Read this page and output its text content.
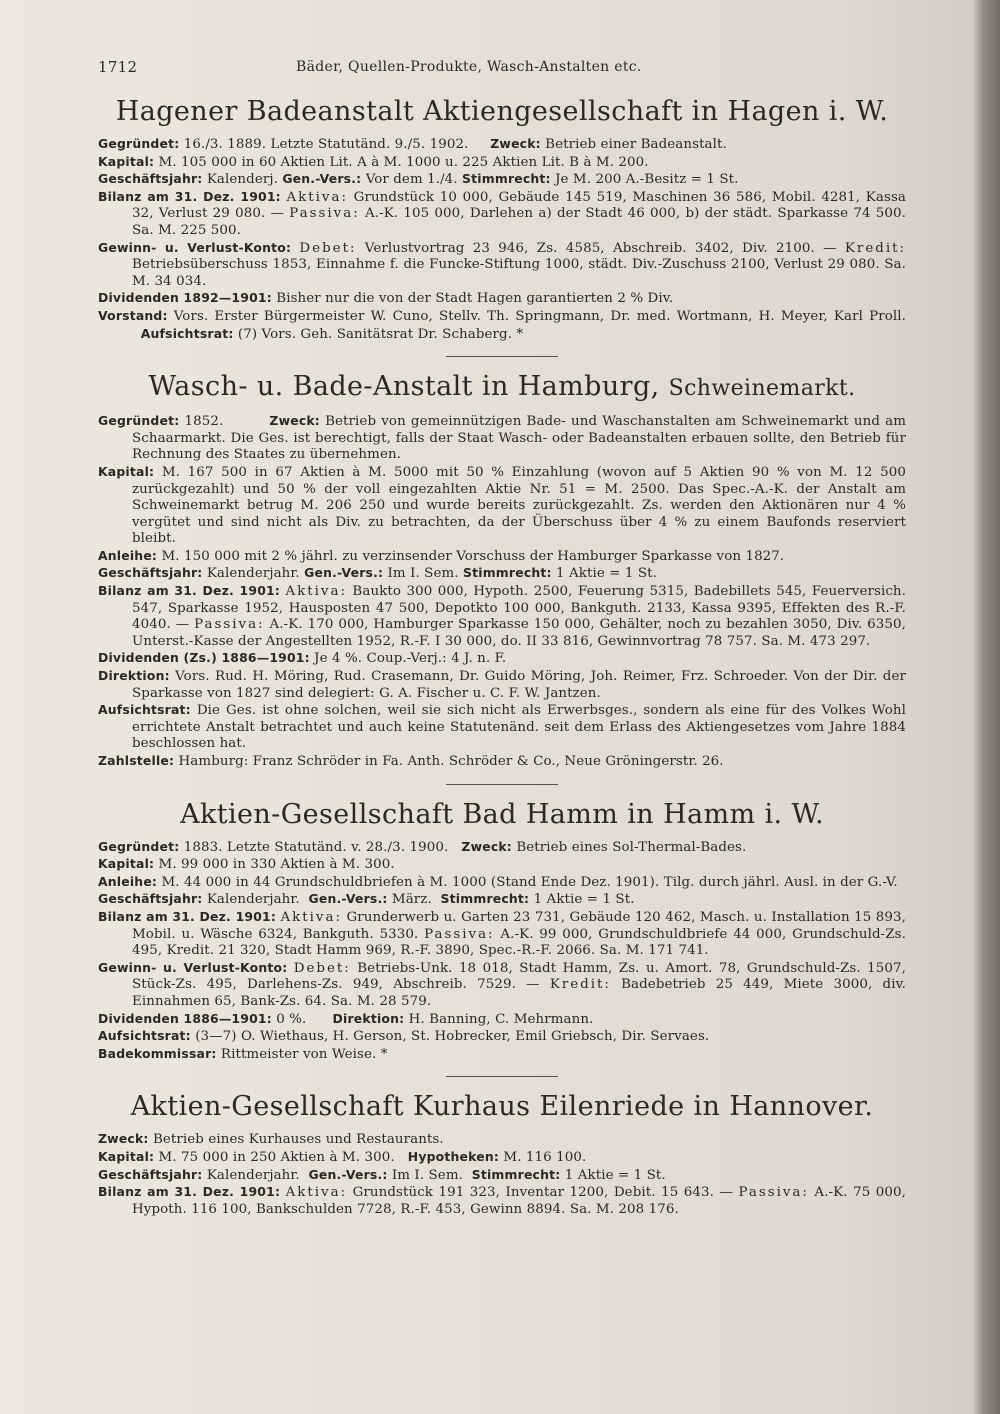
1712	Bäder, Quellen-Produkte, Wasch-Anstalten etc.
Hagener Badeanstalt Aktiengesellschaft in Hagen i. W.

Gegründet: 16./3. 1889. Letzte Statutänd. 9./5. 1902. Zweck: Betrieb einer Badeanstalt.

Kapital: M. 105 000 in 60 Aktien Lit. A à M. 1000 u. 225 Aktien Lit. B à M. 200.

Geschäftsjahr: Kalenderj. Gen.-Vers.: Vor dem 1./4. Stimmrecht: Je M. 200 A.-Besitz = 1 St.

Bilanz am 31. Dez. 1901: Aktiva: Grundstück 10 000, Gebäude 145 519, Maschinen 36 586, Mobil. 4281, Kassa 32, Verlust 29 080. — Passiva: A.-K. 105 000, Darlehen a) der Stadt 46 000, b) der städt. Sparkasse 74 500. Sa. M. 225 500.

Gewinn- u. Verlust-Konto: Debet: Verlustvortrag 23 946, Zs. 4585, Abschreib. 3402, Div. 2100. — Kredit: Betriebsüberschuss 1853, Einnahme f. die Funcke-Stiftung 1000, städt. Div.-Zuschuss 2100, Verlust 29 080. Sa. M. 34 034.

Dividenden 1892—1901: Bisher nur die von der Stadt Hagen garantierten 2 % Div.

Vorstand: Vors. Erster Bürgermeister W. Cuno, Stellv. Th. Springmann, Dr. med. Wortmann, H. Meyer, Karl Proll.   Aufsichtsrat: (7) Vors. Geh. Sanitätsrat Dr. Schaberg. *

Wasch- u. Bade-Anstalt in Hamburg, Schweinemarkt.

Gegründet: 1852.	Zweck: Betrieb von gemeinnützigen Bade- und Waschanstalten am Schweinemarkt und am Schaarmarkt. Die Ges. ist berechtigt, falls der Staat Wasch- oder Badeanstalten erbauen sollte, den Betrieb für Rechnung des Staates zu übernehmen.

Kapital: M. 167 500 in 67 Aktien à M. 5000 mit 50 % Einzahlung (wovon auf 5 Aktien 90 % von M. 12 500 zurückgezahlt) und 50 % der voll eingezahlten Aktie Nr. 51 = M. 2500. Das Spec.-A.-K. der Anstalt am Schweinemarkt betrug M. 206 250 und wurde bereits zurückgezahlt. Zs. werden den Aktionären nur 4 % vergütet und sind nicht als Div. zu betrachten, da der Überschuss über 4 % zu einem Baufonds reserviert bleibt.

Anleihe: M. 150 000 mit 2 % jährl. zu verzinsender Vorschuss der Hamburger Sparkasse von 1827.

Geschäftsjahr: Kalenderjahr. Gen.-Vers.: Im I. Sem. Stimmrecht: 1 Aktie = 1 St.

Bilanz am 31. Dez. 1901: Aktiva: Baukto 300 000, Hypoth. 2500, Feuerung 5315, Badebillets 545, Feuerversich. 547, Sparkasse 1952, Hausposten 47 500, Depotkto 100 000, Bankguth. 2133, Kassa 9395, Effekten des R.-F. 4040. — Passiva: A.-K. 170 000, Hamburger Sparkasse 150 000, Gehälter, noch zu bezahlen 3050, Div. 6350, Unterst.-Kasse der Angestellten 1952, R.-F. I 30 000, do. II 33 816, Gewinnvortrag 78 757. Sa. M. 473 297.

Dividenden (Zs.) 1886—1901: Je 4 %. Coup.-Verj.: 4 J. n. F.

Direktion: Vors. Rud. H. Möring, Rud. Crasemann, Dr. Guido Möring, Joh. Reimer, Frz. Schroeder. Von der Dir. der Sparkasse von 1827 sind delegiert: G. A. Fischer u. C. F. W. Jantzen.

Aufsichtsrat: Die Ges. ist ohne solchen, weil sie sich nicht als Erwerbsges., sondern als eine für des Volkes Wohl errichtete Anstalt betrachtet und auch keine Statutenänd. seit dem Erlass des Aktiengesetzes vom Jahre 1884 beschlossen hat.

Zahlstelle: Hamburg: Franz Schröder in Fa. Anth. Schröder & Co., Neue Gröningerstr. 26.

Aktien-Gesellschaft Bad Hamm in Hamm i. W.

Gegründet: 1883. Letzte Statutänd. v. 28./3. 1900. Zweck: Betrieb eines Sol-Thermal-Bades.

Kapital: M. 99 000 in 330 Aktien à M. 300.

Anleihe: M. 44 000 in 44 Grundschuldbriefen à M. 1000 (Stand Ende Dez. 1901). Tilg. durch jährl. Ausl. in der G.-V.

Geschäftsjahr: Kalenderjahr. Gen.-Vers.: März. Stimmrecht: 1 Aktie = 1 St.

Bilanz am 31. Dez. 1901: Aktiva: Grunderwerb u. Garten 23 731, Gebäude 120 462, Masch. u. Installation 15 893, Mobil. u. Wäsche 6324, Bankguth. 5330. Passiva: A.-K. 99 000, Grundschuldbriefe 44 000, Grundschuld-Zs. 495, Kredit. 21 320, Stadt Hamm 969, R.-F. 3890, Spec.-R.-F. 2066. Sa. M. 171 741.

Gewinn- u. Verlust-Konto: Debet: Betriebs-Unk. 18 018, Stadt Hamm, Zs. u. Amort. 78, Grundschuld-Zs. 1507, Stück-Zs. 495, Darlehens-Zs. 949, Abschreib. 7529. — Kredit: Badebetrieb 25 449, Miete 3000, div. Einnahmen 65, Bank-Zs. 64. Sa. M. 28 579.

Dividenden 1886—1901: 0 %. Direktion: H. Banning, C. Mehrmann.

Aufsichtsrat: (3—7) O. Wiethaus, H. Gerson, St. Hobrecker, Emil Griebsch, Dir. Servaes.

Badekommissar: Rittmeister von Weise. *

Aktien-Gesellschaft Kurhaus Eilenriede in Hannover.

Zweck: Betrieb eines Kurhauses und Restaurants.

Kapital: M. 75 000 in 250 Aktien à M. 300. Hypotheken: M. 116 100.

Geschäftsjahr: Kalenderjahr. Gen.-Vers.: Im I. Sem. Stimmrecht: 1 Aktie = 1 St.

Bilanz am 31. Dez. 1901: Aktiva: Grundstück 191 323, Inventar 1200, Debit. 15 643. — Passiva: A.-K. 75 000, Hypoth. 116 100, Bankschulden 7728, R.-F. 453, Gewinn 8894. Sa. M. 208 176.
